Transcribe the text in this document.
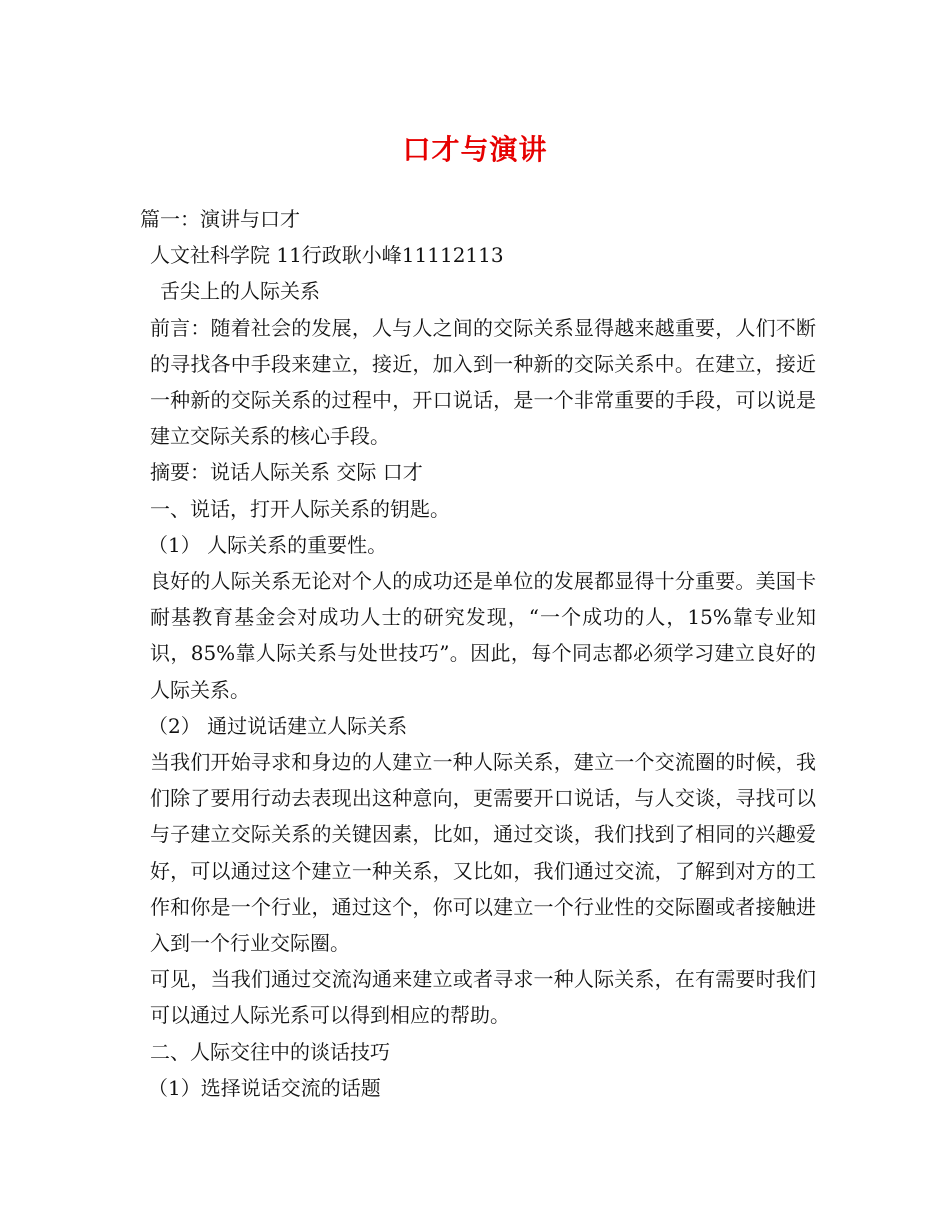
口才与演讲

篇一：演讲与口才

人文社科学院 11行政耿小峰11112113

舌尖上的人际关系

前言：随着社会的发展，人与人之间的交际关系显得越来越重要，人们不断的寻找各中手段来建立，接近，加入到一种新的交际关系中。在建立，接近一种新的交际关系的过程中，开口说话，是一个非常重要的手段，可以说是建立交际关系的核心手段。

摘要：说话人际关系 交际 口才

一、说话，打开人际关系的钥匙。

（1） 人际关系的重要性。

良好的人际关系无论对个人的成功还是单位的发展都显得十分重要。美国卡耐基教育基金会对成功人士的研究发现，“一个成功的人，15%靠专业知识，85%靠人际关系与处世技巧”。因此，每个同志都必须学习建立良好的人际关系。

（2） 通过说话建立人际关系

当我们开始寻求和身边的人建立一种人际关系，建立一个交流圈的时候，我们除了要用行动去表现出这种意向，更需要开口说话，与人交谈，寻找可以与子建立交际关系的关键因素，比如，通过交谈，我们找到了相同的兴趣爱好，可以通过这个建立一种关系，又比如，我们通过交流，了解到对方的工作和你是一个行业，通过这个，你可以建立一个行业性的交际圈或者接触进入到一个行业交际圈。

可见，当我们通过交流沟通来建立或者寻求一种人际关系，在有需要时我们可以通过人际光系可以得到相应的帮助。

二、人际交往中的谈话技巧

（1）选择说话交流的话题
